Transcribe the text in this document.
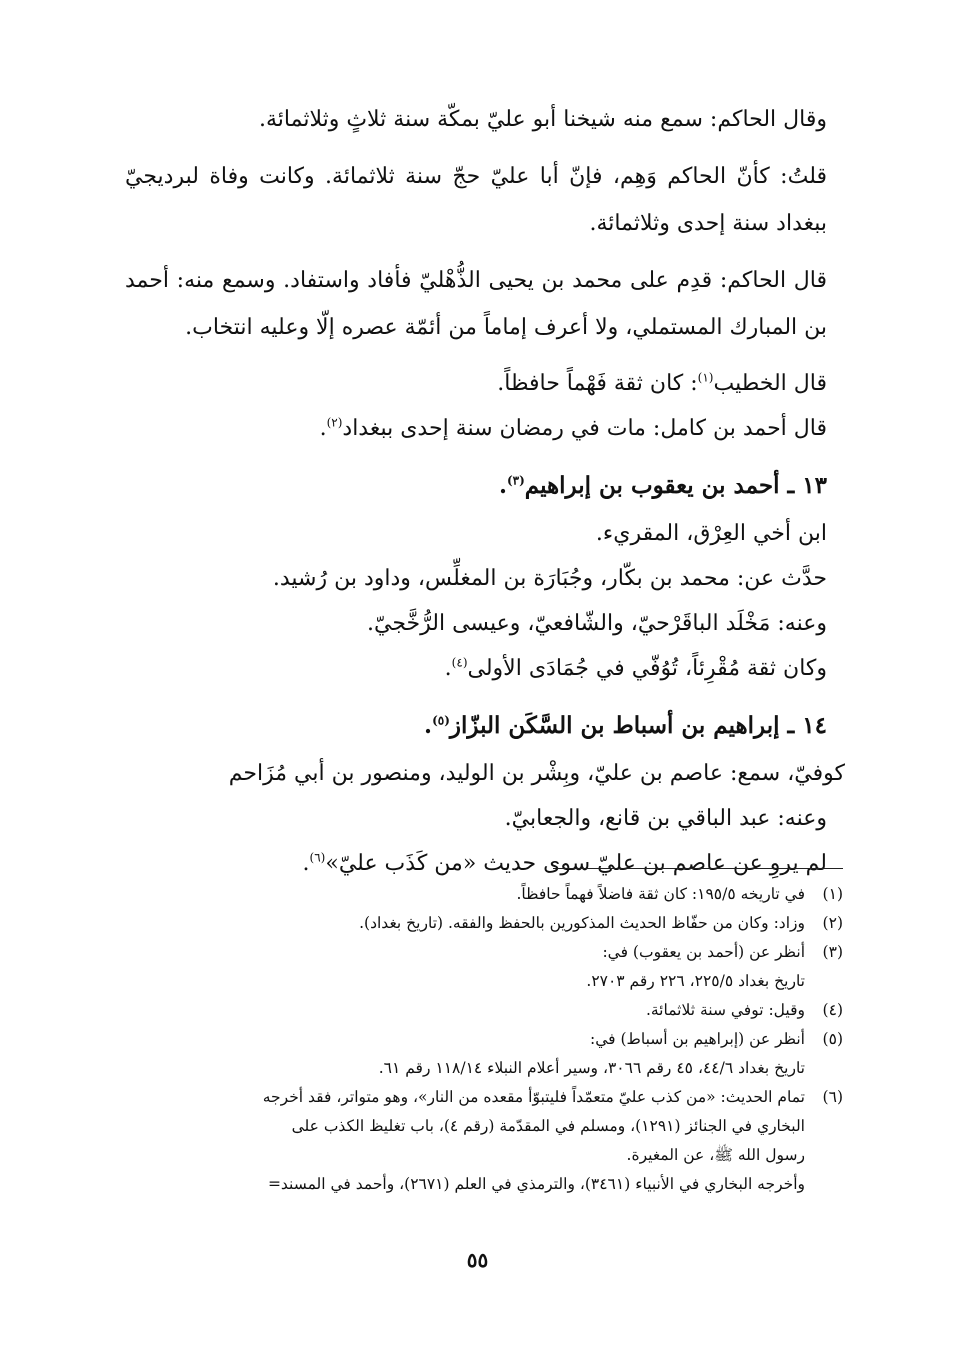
وقال الحاكم: سمع منه شيخنا أبو عليّ بمكّة سنة ثلاثٍ وثلاثمائة.

قلتُ: كأنّ الحاكم وَهِم، فإنّ أبا عليّ حجّ سنة ثلاثمائة. وكانت وفاة لبرديجيّ ببغداد سنة إحدى وثلاثمائة.

قال الحاكم: قدِم على محمد بن يحيى الذُّهْليّ فأفاد واستفاد. وسمع منه: أحمد بن المبارك المستملي، ولا أعرف إماماً من أئمّة عصره إلّا وعليه انتخاب.

قال الخطيب$^{(١)}$: كان ثقة فَهْماً حافظاً.

قال أحمد بن كامل: مات في رمضان سنة إحدى ببغداد$^{(٢)}$.

١٣ ـ أحمد بن يعقوب بن إبراهيم$^{(٣)}$.

ابن أخي العِرْق، المقريء.

حدَّث عن: محمد بن بكّار، وجُبَارَة بن المغلِّس، وداود بن رُشيد.

وعنه: مَخْلَد الباقَرْحيّ، والشّافعيّ، وعيسى الرُّخَّجيّ.

وكان ثقة مُقْرِئاً، تُوُفّي في جُمَادَى الأولى$^{(٤)}$.

١٤ ـ إبراهيم بن أسباط بن السَّكَن البزّاز$^{(٥)}$.

كوفيّ، سمع: عاصم بن عليّ، وبِشْر بن الوليد، ومنصور بن أبي مُزَاحم

وعنه: عبد الباقي بن قانع، والجعابيّ.

لم يروِ عن عاصم بن عليّ سوى حديث «من كَذَب عليّ»$^{(٦)}$.

(١)
في تاريخه ١٩٥/٥: كان ثقة فاضلاً فهماً حافظاً.
(٢)
وزاد: وكان من حفّاظ الحديث المذكورين بالحفظ والفقه. (تاريخ بغداد).
(٣)
أنظر عن (أحمد بن يعقوب) في:
تاريخ بغداد ٢٢٥/٥، ٢٢٦ رقم ٢٧٠٣.
(٤)
وقيل: توفي سنة ثلاثمائة.
(٥)
أنظر عن (إبراهيم بن أسباط) في:
تاريخ بغداد ٤٤/٦، ٤٥ رقم ٣٠٦٦، وسير أعلام النبلاء ١١٨/١٤ رقم ٦١.
(٦)
تمام الحديث: «من كذب عليّ متعمّداً فليتبوّأ مقعده من النار»، وهو متواتر، فقد أخرجه
البخاري في الجنائز (١٢٩١)، ومسلم في المقدّمة (رقم ٤)، باب تغليظ الكذب على
رسول الله ﷺ، عن المغيرة.
وأخرجه البخاري في الأنبياء (٣٤٦١)، والترمذي في العلم (٢٦٧١)، وأحمد في المسند=
٥٥
